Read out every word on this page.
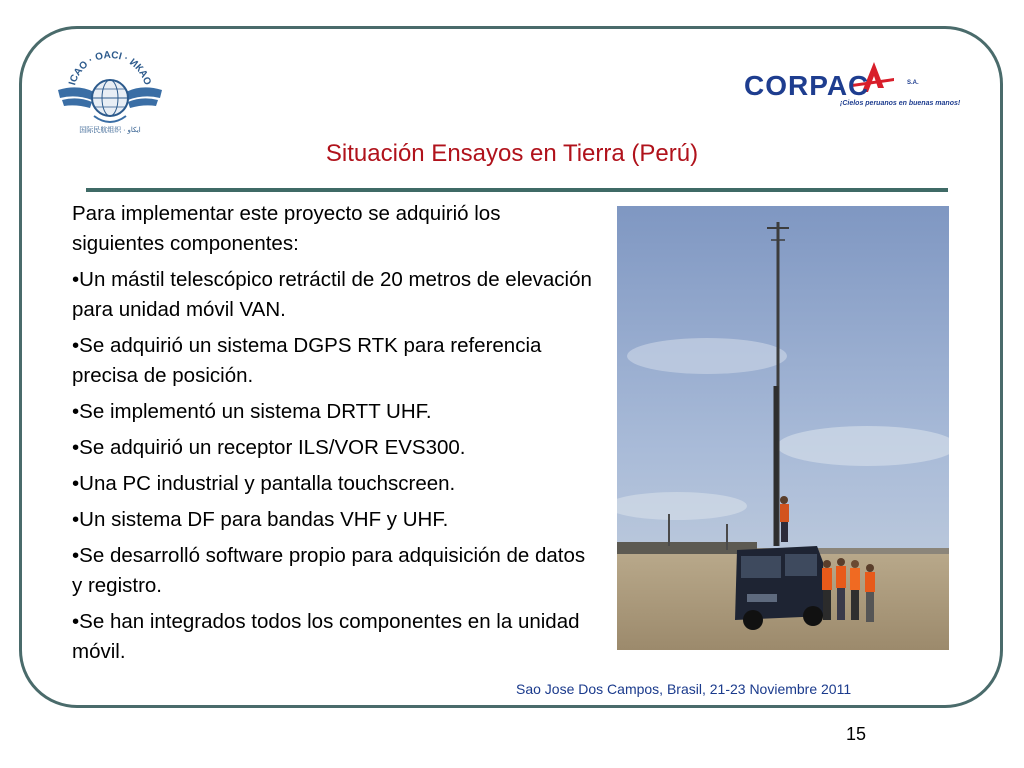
ICAO · OACI · ИКАО
国际民航组织 · ايكاو
CORPAC	S.A.
¡Cielos peruanos en buenas manos!
Situación Ensayos en Tierra (Perú)

Para implementar este proyecto se adquirió los siguientes componentes:

•Un mástil telescópico retráctil de 20 metros de elevación para unidad móvil VAN.

•Se adquirió un sistema DGPS RTK para referencia precisa de posición.

•Se implementó un sistema DRTT UHF.

•Se adquirió un receptor ILS/VOR EVS300.

•Una PC industrial y pantalla touchscreen.

•Un sistema DF para bandas VHF y UHF.

•Se desarrolló software propio para adquisición de datos y registro.

•Se han integrados todos los componentes en la unidad móvil.

Sao Jose Dos Campos, Brasil, 21-23 Noviembre 2011
15
